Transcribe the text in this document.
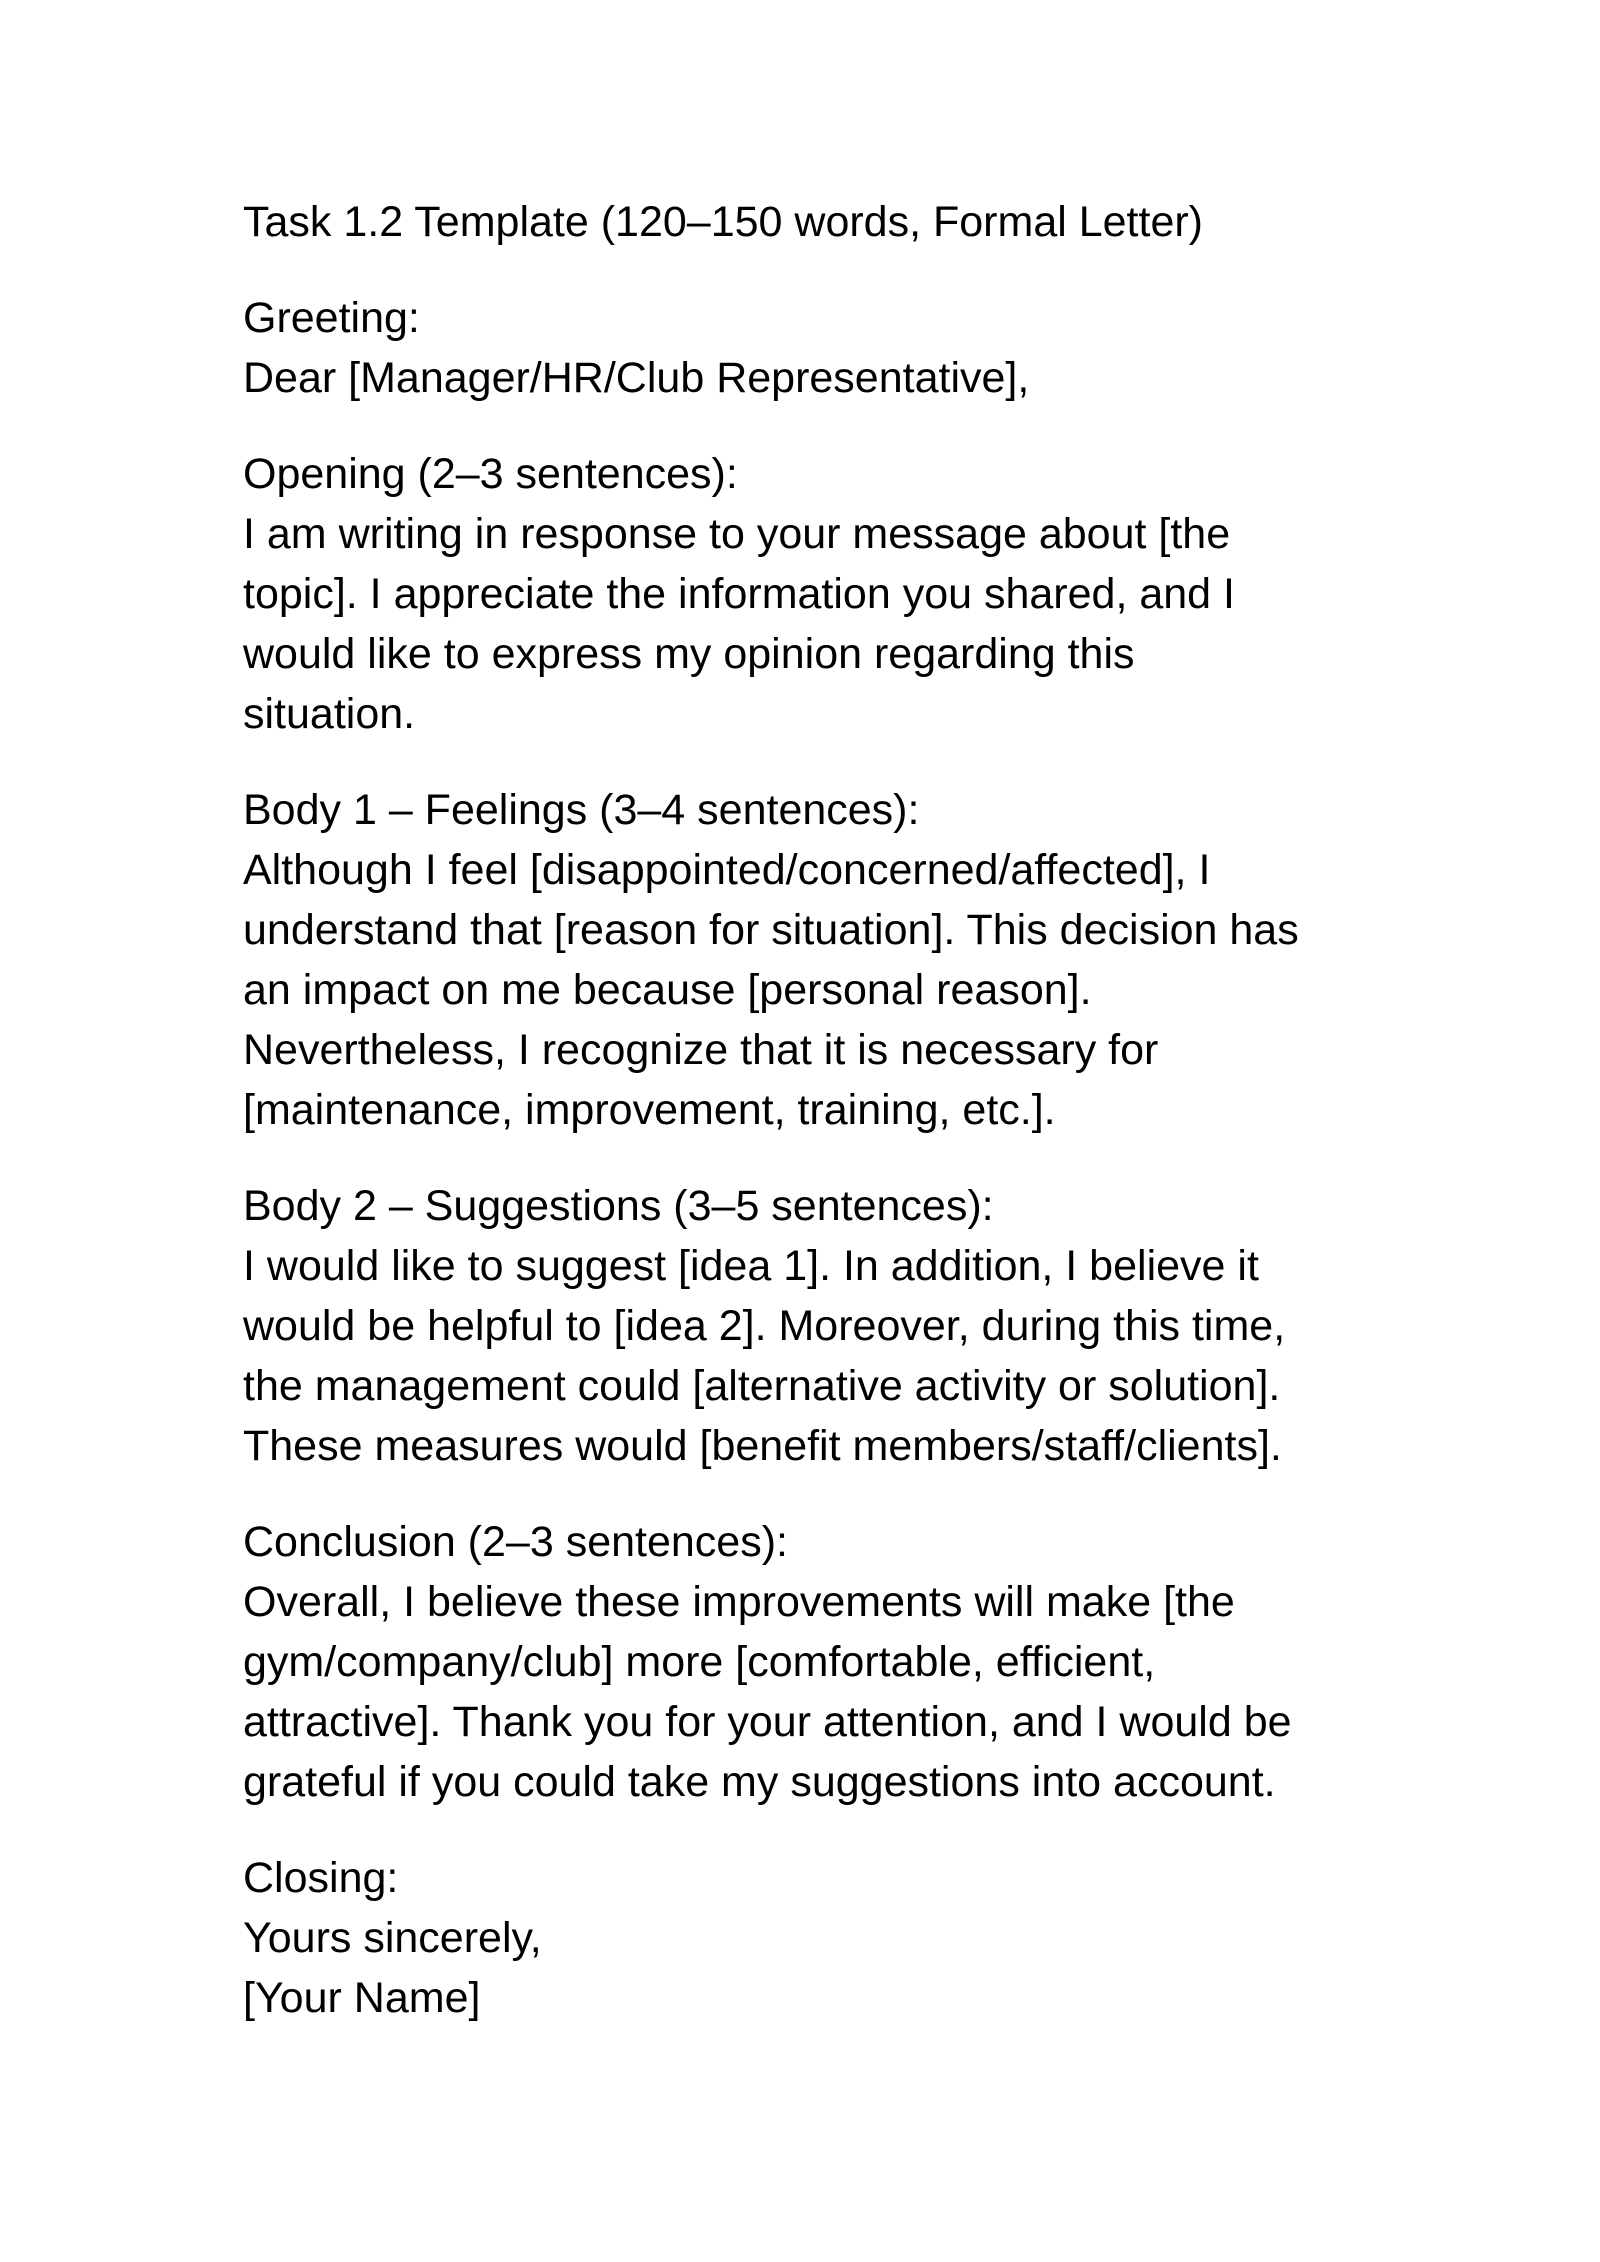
Task 1.2 Template (120–150 words, Formal Letter)
Greeting:
Dear [Manager/HR/Club Representative],
Opening (2–3 sentences):
I am writing in response to your message about [the
topic]. I appreciate the information you shared, and I
would like to express my opinion regarding this
situation.
Body 1 – Feelings (3–4 sentences):
Although I feel [disappointed/concerned/affected], I
understand that [reason for situation]. This decision has
an impact on me because [personal reason].
Nevertheless, I recognize that it is necessary for
[maintenance, improvement, training, etc.].
Body 2 – Suggestions (3–5 sentences):
I would like to suggest [idea 1]. In addition, I believe it
would be helpful to [idea 2]. Moreover, during this time,
the management could [alternative activity or solution].
These measures would [benefit members/staff/clients].
Conclusion (2–3 sentences):
Overall, I believe these improvements will make [the
gym/company/club] more [comfortable, efficient,
attractive]. Thank you for your attention, and I would be
grateful if you could take my suggestions into account.
Closing:
Yours sincerely,
[Your Name]
